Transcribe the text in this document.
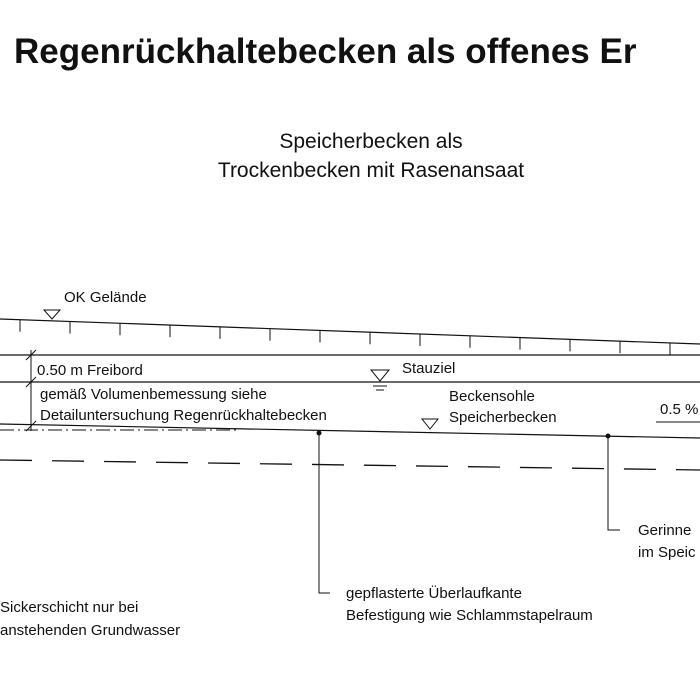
Regenrückhaltebecken als offenes Er
Speicherbecken als
Trockenbecken mit Rasenansaat
OK Gelände
0.50 m Freibord
gemäß Volumenbemessung siehe
Detailuntersuchung Regenrückhaltebecken
Stauziel
Beckensohle
Speicherbecken	0.5 %
gepflasterte Überlaufkante
Befestigung wie Schlammstapelraum
Gerinne
im Speic
Sickerschicht nur bei
anstehenden Grundwasser
